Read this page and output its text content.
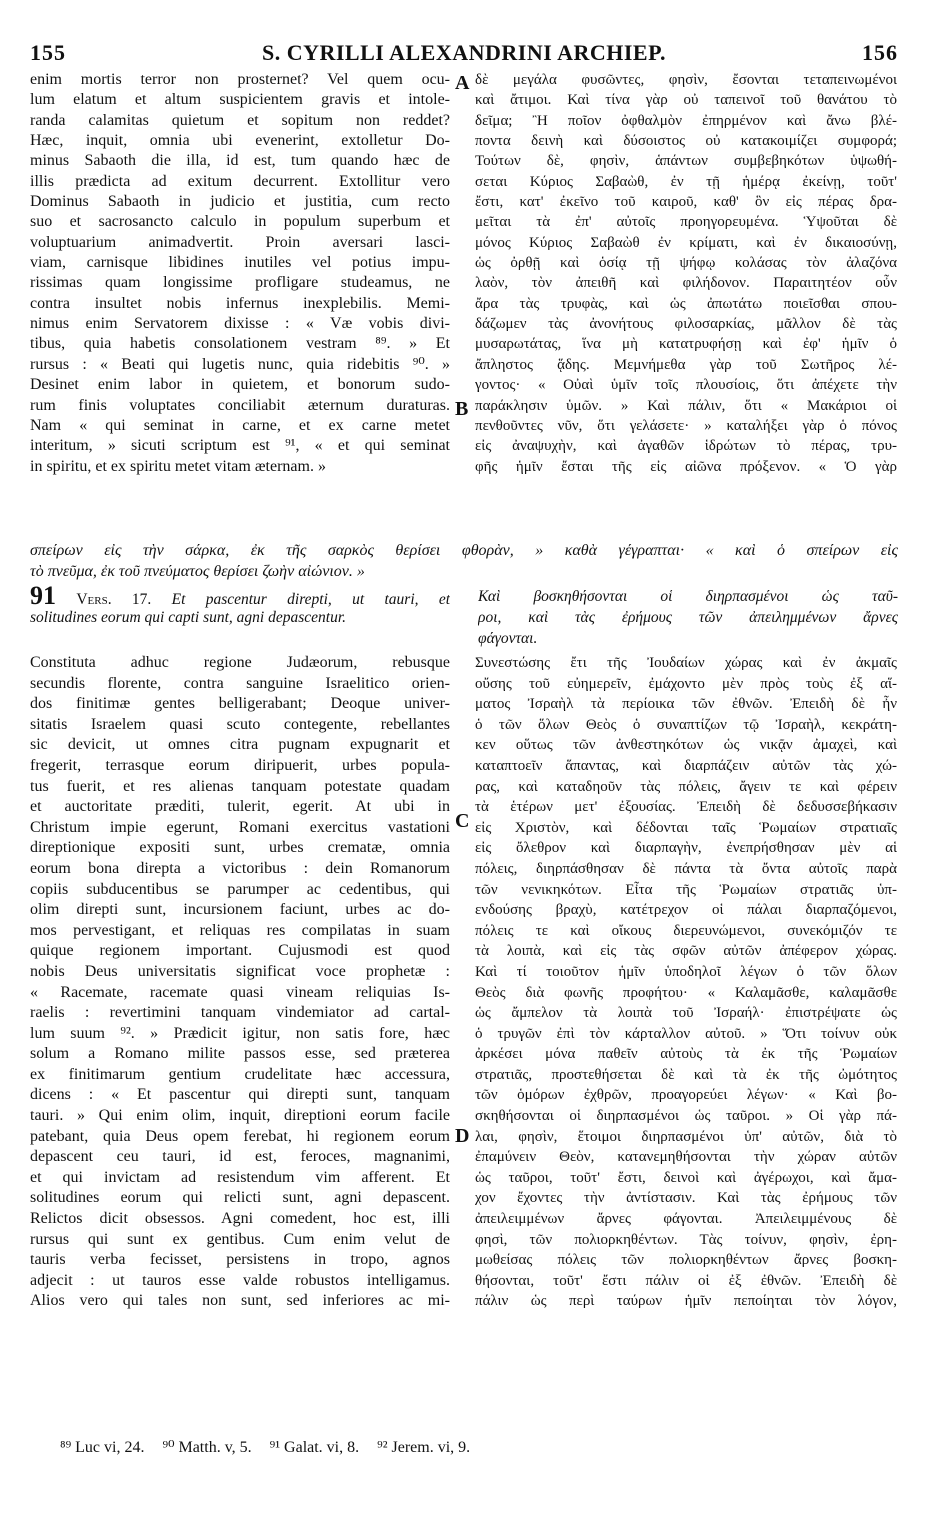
S. CYRILLI ALEXANDRINI ARCHIEP.
155	156
enim mortis terror non prosternet? Vel quem ocu-
lum elatum et altum suspicientem gravis et intole-
randa calamitas quietum et sopitum non reddet?
Hæc, inquit, omnia ubi evenerint, extolletur Do-
minus Sabaoth die illa, id est, tum quando hæc de
illis prædicta ad exitum decurrent. Extollitur vero
Dominus Sabaoth in judicio et justitia, cum recto
suo et sacrosancto calculo in populum superbum et
voluptuarium animadvertit. Proin aversari lasci-
viam, carnisque libidines inutiles vel potius impu-
rissimas quam longissime profligare studeamus, ne
contra insultet nobis infernus inexplebilis. Memi-
nimus enim Servatorem dixisse : « Væ vobis divi-
tibus, quia habetis consolationem vestram ⁸⁹. » Et
rursus : « Beati qui lugetis nunc, quia ridebitis ⁹⁰. »
Desinet enim labor in quietem, et bonorum sudo-
rum finis voluptates conciliabit æternum duraturas.
Nam « qui seminat in carne, et ex carne metet
interitum, » sicuti scriptum est ⁹¹, « et qui seminat
in spiritu, et ex spiritu metet vitam æternam. »
δὲ μεγάλα φυσῶντες, φησὶν, ἔσονται τεταπεινωμένοι
καὶ ἄτιμοι. Καὶ τίνα γὰρ οὐ ταπεινοῖ τοῦ θανάτου τὸ
δεῖμα; Ἢ ποῖον ὀφθαλμὸν ἐπηρμένον καὶ ἄνω βλέ-
ποντα δεινὴ καὶ δύσοιστος οὐ κατακοιμίζει συμφορά;
Τούτων δὲ, φησὶν, ἁπάντων συμβεβηκότων ὑψωθή-
σεται Κύριος Σαβαὼθ, ἐν τῇ ἡμέρᾳ ἐκείνῃ, τοῦτ'
ἔστι, κατ' ἐκεῖνο τοῦ καιροῦ, καθ' ὃν εἰς πέρας δρα-
μεῖται τὰ ἐπ' αὐτοῖς προηγορευμένα. Ὑψοῦται δὲ
μόνος Κύριος Σαβαὼθ ἐν κρίματι, καὶ ἐν δικαιοσύνῃ,
ὡς ὀρθῇ καὶ ὁσίᾳ τῇ ψήφῳ κολάσας τὸν ἀλαζόνα
λαὸν, τὸν ἀπειθῆ καὶ φιλήδονον. Παραιτητέον οὖν
ἄρα τὰς τρυφὰς, καὶ ὡς ἀπωτάτω ποιεῖσθαι σπου-
δάζωμεν τὰς ἀνονήτους φιλοσαρκίας, μᾶλλον δὲ τὰς
μυσαρωτάτας, ἵνα μὴ κατατρυφήσῃ καὶ ἐφ' ἡμῖν ὁ
ἄπληστος ᾅδης. Μεμνήμεθα γὰρ τοῦ Σωτῆρος λέ-
γοντος· « Οὐαὶ ὑμῖν τοῖς πλουσίοις, ὅτι ἀπέχετε τὴν
παράκλησιν ὑμῶν. » Καὶ πάλιν, ὅτι « Μακάριοι οἱ
πενθοῦντες νῦν, ὅτι γελάσετε· » καταλήξει γὰρ ὁ πόνος
εἰς ἀναψυχὴν, καὶ ἀγαθῶν ἱδρώτων τὸ πέρας, τρυ-
φῆς ἡμῖν ἔσται τῆς εἰς αἰῶνα πρόξενον. « Ὁ γὰρ
A
B
C
D
σπείρων εἰς τὴν σάρκα, ἐκ τῆς σαρκὸς θερίσει φθορὰν, » καθὰ γέγραπται· « καὶ ὁ σπείρων εἰς
τὸ πνεῦμα, ἐκ τοῦ πνεύματος θερίσει ζωὴν αἰώνιον. »
91 Vers. 17. Et pascentur direpti, ut tauri, et
solitudines eorum qui capti sunt, agni depascentur.
Καὶ βοσκηθήσονται οἱ διηρπασμένοι ὡς ταῦ-
ροι, καὶ τὰς ἐρήμους τῶν ἀπειλημμένων ἄρνες
φάγονται.
Constituta adhuc regione Judæorum, rebusque
secundis florente, contra sanguine Israelitico orien-
dos finitimæ gentes belligerabant; Deoque univer-
sitatis Israelem quasi scuto contegente, rebellantes
sic devicit, ut omnes citra pugnam expugnarit et
fregerit, terrasque eorum diripuerit, urbes popula-
tus fuerit, et res alienas tanquam potestate quadam
et auctoritate præditi, tulerit, egerit. At ubi in
Christum impie egerunt, Romani exercitus vastationi
direptionique expositi sunt, urbes crematæ, omnia
eorum bona direpta a victoribus : dein Romanorum
copiis subducentibus se parumper ac cedentibus, qui
olim direpti sunt, incursionem faciunt, urbes ac do-
mos pervestigant, et reliquas res compilatas in suam
quique regionem important. Cujusmodi est quod
nobis Deus universitatis significat voce prophetæ :
« Racemate, racemate quasi vineam reliquias Is-
raelis : revertimini tanquam vindemiator ad cartal-
lum suum ⁹². » Prædicit igitur, non satis fore, hæc
solum a Romano milite passos esse, sed præterea
ex finitimarum gentium crudelitate hæc accessura,
dicens : « Et pascentur qui direpti sunt, tanquam
tauri. » Qui enim olim, inquit, direptioni eorum facile
patebant, quia Deus opem ferebat, hi regionem eorum
depascent ceu tauri, id est, feroces, magnanimi,
et qui invictam ad resistendum vim afferent. Et
solitudines eorum qui relicti sunt, agni depascent.
Relictos dicit obsessos. Agni comedent, hoc est, illi
rursus qui sunt ex gentibus. Cum enim velut de
tauris verba fecisset, persistens in tropo, agnos
adjecit : ut tauros esse valde robustos intelligamus.
Alios vero qui tales non sunt, sed inferiores ac mi-
Συνεστώσης ἔτι τῆς Ἰουδαίων χώρας καὶ ἐν ἀκμαῖς
οὔσης τοῦ εὐημερεῖν, ἐμάχοντο μὲν πρὸς τοὺς ἐξ αἵ-
ματος Ἰσραὴλ τὰ περίοικα τῶν ἐθνῶν. Ἐπειδὴ δὲ ἦν
ὁ τῶν ὅλων Θεὸς ὁ συναπτίζων τῷ Ἰσραὴλ, κεκράτη-
κεν οὕτως τῶν ἀνθεστηκότων ὡς νικᾷν ἀμαχεὶ, καὶ
καταπτοεῖν ἅπαντας, καὶ διαρπάζειν αὐτῶν τὰς χώ-
ρας, καὶ καταδηοῦν τὰς πόλεις, ἄγειν τε καὶ φέρειν
τὰ ἑτέρων μετ' ἐξουσίας. Ἐπειδὴ δὲ δεδυσσεβήκασιν
εἰς Χριστὸν, καὶ δέδονται ταῖς Ῥωμαίων στρατιαῖς
εἰς ὄλεθρον καὶ διαρπαγὴν, ἐνεπρήσθησαν μὲν αἱ
πόλεις, διηρπάσθησαν δὲ πάντα τὰ ὄντα αὐτοῖς παρὰ
τῶν νενικηκότων. Εἶτα τῆς Ῥωμαίων στρατιᾶς ὑπ-
ενδούσης βραχὺ, κατέτρεχον οἱ πάλαι διαρπαζόμενοι,
πόλεις τε καὶ οἴκους διερευνώμενοι, συνεκόμιζόν τε
τὰ λοιπὰ, καὶ εἰς τὰς σφῶν αὐτῶν ἀπέφερον χώρας.
Καὶ τί τοιοῦτον ἡμῖν ὑποδηλοῖ λέγων ὁ τῶν ὅλων
Θεὸς διὰ φωνῆς προφήτου· « Καλαμᾶσθε, καλαμᾶσθε
ὡς ἄμπελον τὰ λοιπὰ τοῦ Ἰσραήλ· ἐπιστρέψατε ὡς
ὁ τρυγῶν ἐπὶ τὸν κάρταλλον αὐτοῦ. » Ὅτι τοίνυν οὐκ
ἀρκέσει μόνα παθεῖν αὐτοὺς τὰ ἐκ τῆς Ῥωμαίων
στρατιᾶς, προστεθήσεται δὲ καὶ τὰ ἐκ τῆς ὠμότητος
τῶν ὁμόρων ἐχθρῶν, προαγορεύει λέγων· « Καὶ βο-
σκηθήσονται οἱ διηρπασμένοι ὡς ταῦροι. » Οἱ γὰρ πά-
λαι, φησὶν, ἕτοιμοι διηρπασμένοι ὑπ' αὐτῶν, διὰ τὸ
ἐπαμύνειν Θεὸν, κατανεμηθήσονται τὴν χώραν αὐτῶν
ὡς ταῦροι, τοῦτ' ἔστι, δεινοὶ καὶ ἀγέρωχοι, καὶ ἄμα-
χον ἔχοντες τὴν ἀντίστασιν. Καὶ τὰς ἐρήμους τῶν
ἀπειλειμμένων ἄρνες φάγονται. Ἀπειλειμμένους δὲ
φησὶ, τῶν πολιορκηθέντων. Τὰς τοίνυν, φησὶν, ἐρη-
μωθείσας πόλεις τῶν πολιορκηθέντων ἄρνες βοσκη-
θήσονται, τοῦτ' ἔστι πάλιν οἱ ἐξ ἐθνῶν. Ἐπειδὴ δὲ
πάλιν ὡς περὶ ταύρων ἡμῖν πεποίηται τὸν λόγον,
⁸⁹ Luc vi, 24. ⁹⁰ Matth. v, 5. ⁹¹ Galat. vi, 8. ⁹² Jerem. vi, 9.
